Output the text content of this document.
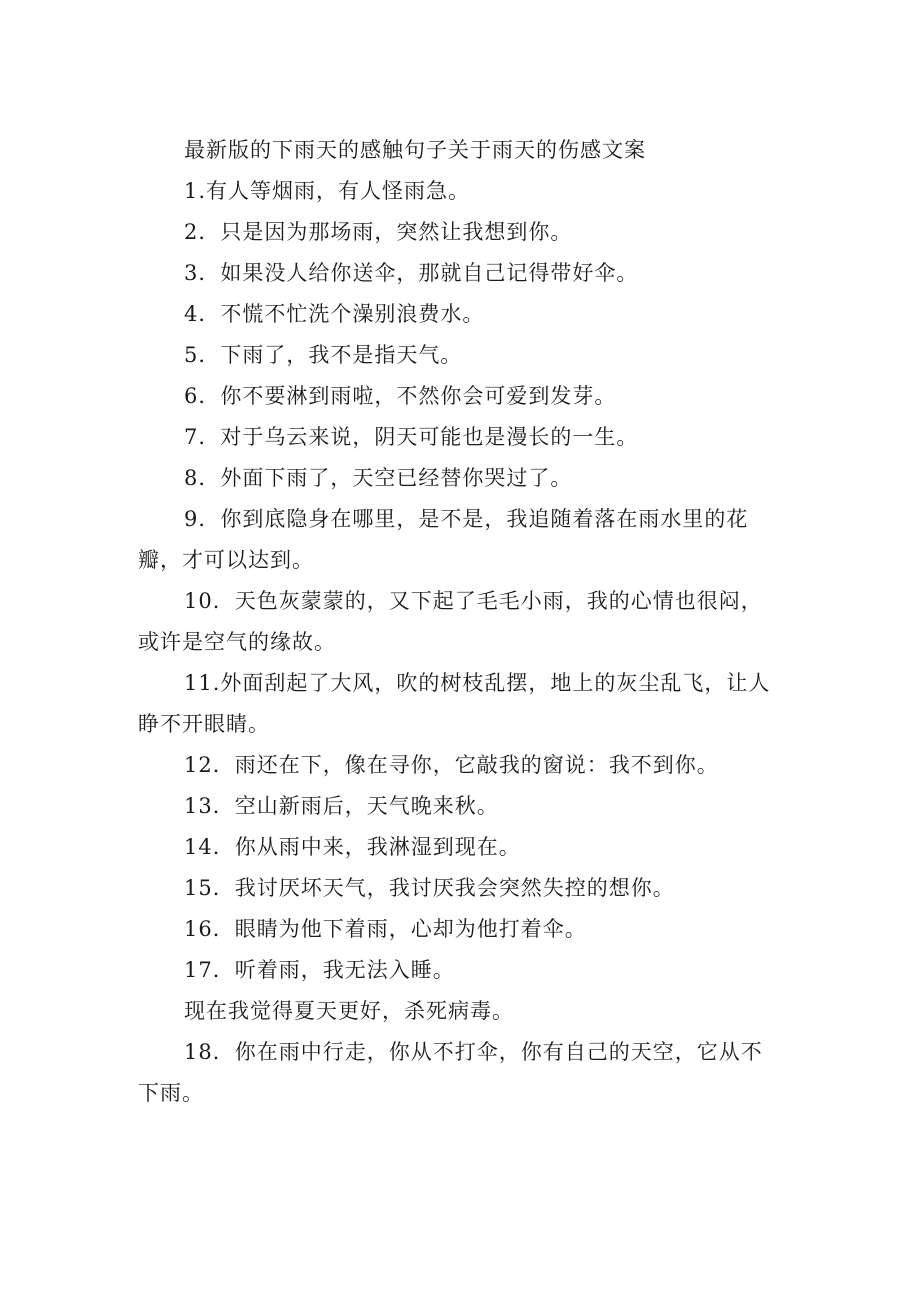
最新版的下雨天的感触句子关于雨天的伤感文案

1.有人等烟雨，有人怪雨急。

2．只是因为那场雨，突然让我想到你。

3．如果没人给你送伞，那就自己记得带好伞。

4．不慌不忙洗个澡别浪费水。

5．下雨了，我不是指天气。

6．你不要淋到雨啦，不然你会可爱到发芽。

7．对于乌云来说，阴天可能也是漫长的一生。

8．外面下雨了，天空已经替你哭过了。

9．你到底隐身在哪里，是不是，我追随着落在雨水里的花瓣，才可以达到。

10．天色灰蒙蒙的，又下起了毛毛小雨，我的心情也很闷，或许是空气的缘故。

11.外面刮起了大风，吹的树枝乱摆，地上的灰尘乱飞，让人睁不开眼睛。

12．雨还在下，像在寻你，它敲我的窗说：我不到你。

13．空山新雨后，天气晚来秋。

14．你从雨中来，我淋湿到现在。

15．我讨厌坏天气，我讨厌我会突然失控的想你。

16．眼睛为他下着雨，心却为他打着伞。

17．听着雨，我无法入睡。

现在我觉得夏天更好，杀死病毒。

18．你在雨中行走，你从不打伞，你有自己的天空，它从不下雨。
